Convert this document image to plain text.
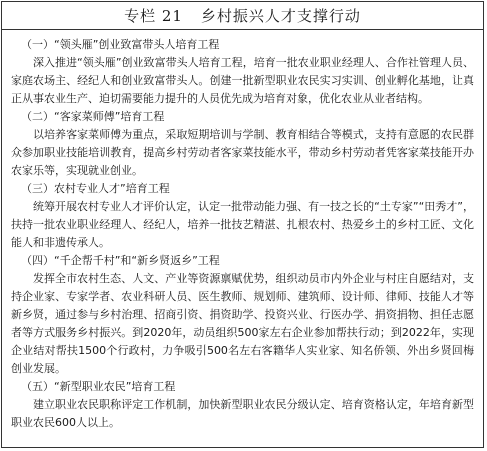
专栏 21 乡村振兴人才支撑行动

（一）“领头雁”创业致富带头人培育工程

深入推进“领头雁”创业致富带头人培育工程，培育一批农业职业经理人、合作社管理人员、家庭农场主、经纪人和创业致富带头人。创建一批新型职业农民实习实训、创业孵化基地，让真正从事农业生产、迫切需要能力提升的人员优先成为培育对象，优化农业从业者结构。

（二）“客家菜师傅”培育工程

以培养客家菜师傅为重点，采取短期培训与学制、教育相结合等模式，支持有意愿的农民群众参加职业技能培训教育，提高乡村劳动者客家菜技能水平，带动乡村劳动者凭客家菜技能开办农家乐等，实现就业创业。

（三）农村专业人才”培育工程

统筹开展农村专业人才评价认定，认定一批带动能力强、有一技之长的“土专家”“田秀才”，扶持一批农业职业经理人、经纪人，培养一批技艺精湛、扎根农村、热爱乡土的乡村工匠、文化能人和非遗传承人。

（四）“千企帮千村”和“新乡贤返乡”工程

发挥全市农村生态、人文、产业等资源禀赋优势，组织动员市内外企业与村庄自愿结对，支持企业家、专家学者、农业科研人员、医生教师、规划师、建筑师、设计师、律师、技能人才等新乡贤，通过参与乡村治理、招商引资、捐资助学、投资兴业、行医办学、捐资捐物、担任志愿者等方式服务乡村振兴。到2020年，动员组织500家左右企业参加帮扶行动；到2022年，实现企业结对帮扶1500个行政村，力争吸引500名左右客籍华人实业家、知名侨领、外出乡贤回梅创业发展。

（五）“新型职业农民”培育工程

建立职业农民职称评定工作机制，加快新型职业农民分级认定、培育资格认定，年培育新型职业农民600人以上。
